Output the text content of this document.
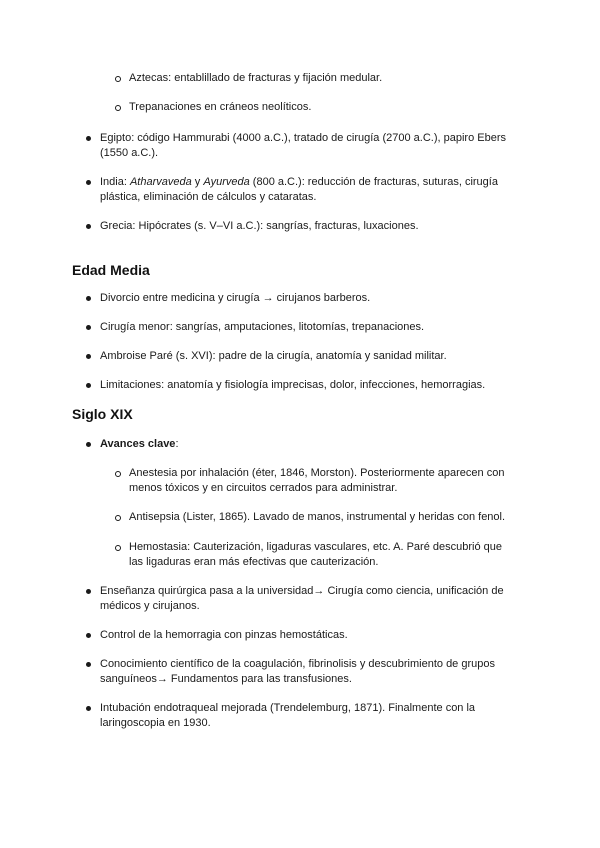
Aztecas: entablillado de fracturas y fijación medular.
Trepanaciones en cráneos neolíticos.
Egipto: código Hammurabi (4000 a.C.), tratado de cirugía (2700 a.C.), papiro Ebers (1550 a.C.).
India: Atharvaveda y Ayurveda (800 a.C.): reducción de fracturas, suturas, cirugía plástica, eliminación de cálculos y cataratas.
Grecia: Hipócrates (s. V–VI a.C.): sangrías, fracturas, luxaciones.
Edad Media
Divorcio entre medicina y cirugía → cirujanos barberos.
Cirugía menor: sangrías, amputaciones, litotomías, trepanaciones.
Ambroise Paré (s. XVI): padre de la cirugía, anatomía y sanidad militar.
Limitaciones: anatomía y fisiología imprecisas, dolor, infecciones, hemorragias.
Siglo XIX
Avances clave:
Anestesia por inhalación (éter, 1846, Morston). Posteriormente aparecen con menos tóxicos y en circuitos cerrados para administrar.
Antisepsia (Lister, 1865). Lavado de manos, instrumental y heridas con fenol.
Hemostasia: Cauterización, ligaduras vasculares, etc. A. Paré descubrió que las ligaduras eran más efectivas que cauterización.
Enseñanza quirúrgica pasa a la universidad→ Cirugía como ciencia, unificación de médicos y cirujanos.
Control de la hemorragia con pinzas hemostáticas.
Conocimiento científico de la coagulación, fibrinolisis y descubrimiento de grupos sanguíneos→ Fundamentos para las transfusiones.
Intubación endotraqueal mejorada (Trendelemburg, 1871). Finalmente con la laringoscopia en 1930.
